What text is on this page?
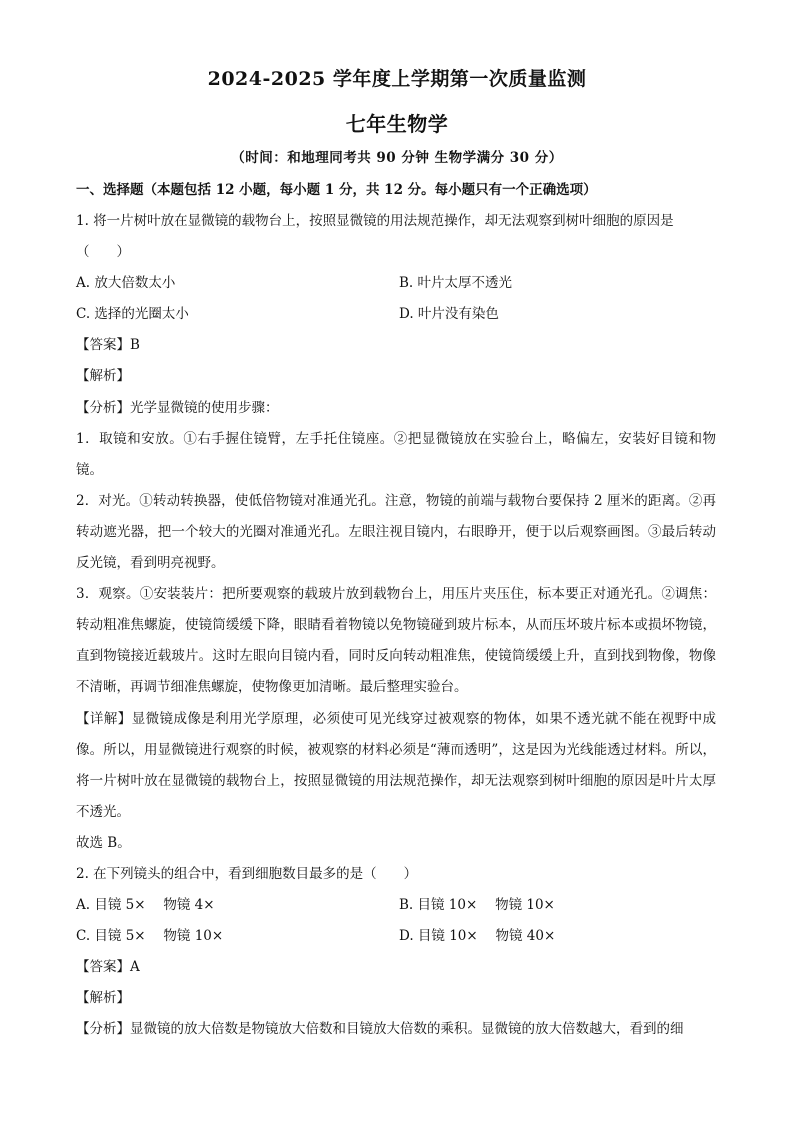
2024-2025 学年度上学期第一次质量监测
七年生物学
（时间：和地理同考共 90 分钟 生物学满分 30 分）
一、选择题（本题包括 12 小题，每小题 1 分，共 12 分。每小题只有一个正确选项）
1. 将一片树叶放在显微镜的载物台上，按照显微镜的用法规范操作，却无法观察到树叶细胞的原因是
（　　）
A. 放大倍数太小	B. 叶片太厚不透光
C. 选择的光圈太小	D. 叶片没有染色
【答案】B
【解析】
【分析】光学显微镜的使用步骤：
1．取镜和安放。①右手握住镜臂，左手托住镜座。②把显微镜放在实验台上，略偏左，安装好目镜和物镜。
2．对光。①转动转换器，使低倍物镜对准通光孔。注意，物镜的前端与载物台要保持 2 厘米的距离。②再转动遮光器，把一个较大的光圈对准通光孔。左眼注视目镜内，右眼睁开，便于以后观察画图。③最后转动反光镜，看到明亮视野。
3．观察。①安装装片：把所要观察的载玻片放到载物台上，用压片夹压住，标本要正对通光孔。②调焦：转动粗准焦螺旋，使镜筒缓缓下降，眼睛看着物镜以免物镜碰到玻片标本，从而压坏玻片标本或损坏物镜，直到物镜接近载玻片。这时左眼向目镜内看，同时反向转动粗准焦，使镜筒缓缓上升，直到找到物像，物像不清晰，再调节细准焦螺旋，使物像更加清晰。最后整理实验台。
【详解】显微镜成像是利用光学原理，必须使可见光线穿过被观察的物体，如果不透光就不能在视野中成像。所以，用显微镜进行观察的时候，被观察的材料必须是“薄而透明”，这是因为光线能透过材料。所以，将一片树叶放在显微镜的载物台上，按照显微镜的用法规范操作，却无法观察到树叶细胞的原因是叶片太厚不透光。
故选 B。
2. 在下列镜头的组合中，看到细胞数目最多的是（　　）
A. 目镜 5×　 物镜 4×	B. 目镜 10×　 物镜 10×
C. 目镜 5×　 物镜 10×	D. 目镜 10×　 物镜 40×
【答案】A
【解析】
【分析】显微镜的放大倍数是物镜放大倍数和目镜放大倍数的乘积。显微镜的放大倍数越大，看到的细
